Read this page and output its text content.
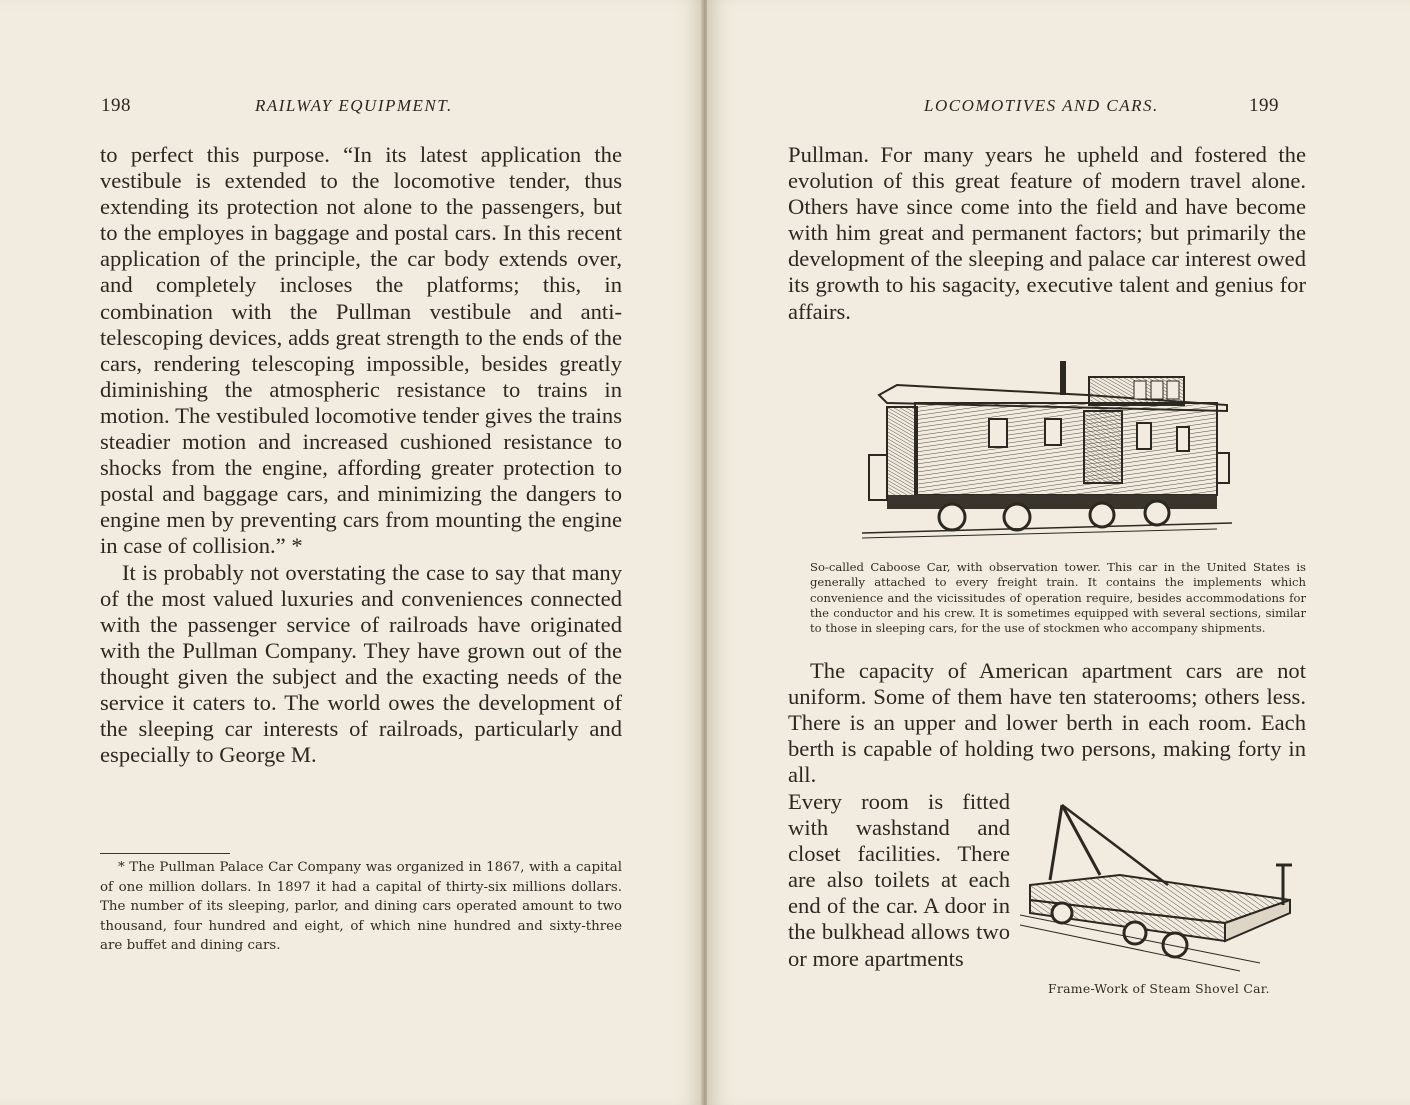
198	RAILWAY EQUIPMENT.

to perfect this purpose. “In its latest application the vestibule is extended to the locomotive tender, thus extending its protection not alone to the passengers, but to the employes in baggage and postal cars. In this recent application of the principle, the car body extends over, and completely incloses the platforms; this, in combination with the Pullman vestibule and anti-telescoping devices, adds great strength to the ends of the cars, rendering telescoping impossible, besides greatly diminishing the atmospheric resistance to trains in motion. The vestibuled locomotive tender gives the trains steadier motion and increased cushioned resistance to shocks from the engine, affording greater protection to postal and baggage cars, and minimizing the dangers to engine men by preventing cars from mounting the engine in case of collision.” *

It is probably not overstating the case to say that many of the most valued luxuries and conveniences connected with the passenger service of railroads have originated with the Pullman Company. They have grown out of the thought given the subject and the exacting needs of the service it caters to. The world owes the development of the sleeping car interests of railroads, particularly and especially to George M.

* The Pullman Palace Car Company was organized in 1867, with a capital of one million dollars. In 1897 it had a capital of thirty-six millions dollars. The number of its sleeping, parlor, and dining cars operated amount to two thousand, four hundred and eight, of which nine hundred and sixty-three are buffet and dining cars.
LOCOMOTIVES AND CARS.	199

Pullman. For many years he upheld and fostered the evolution of this great feature of modern travel alone. Others have since come into the field and have become with him great and permanent factors; but primarily the development of the sleeping and palace car interest owed its growth to his sagacity, executive talent and genius for affairs.

So-called Caboose Car, with observation tower. This car in the United States is generally attached to every freight train. It contains the implements which convenience and the vicissitudes of operation require, besides accommodations for the conductor and his crew. It is sometimes equipped with several sections, similar to those in sleeping cars, for the use of stockmen who accompany shipments.

The capacity of American apartment cars are not uniform. Some of them have ten staterooms; others less. There is an upper and lower berth in each room. Each berth is capable of holding two persons, making forty in all.

Every room is fitted with washstand and closet facilities. There are also toilets at each end of the car. A door in the bulkhead allows two or more apartments
Frame-Work of Steam Shovel Car.
